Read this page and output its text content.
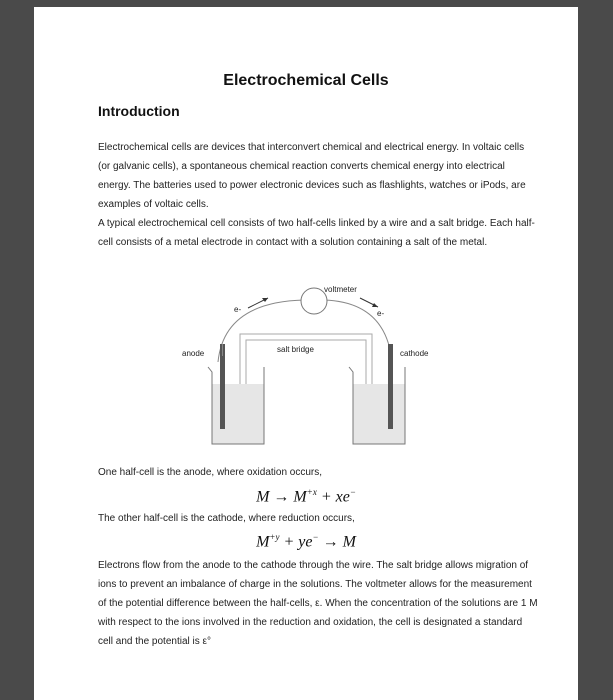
Electrochemical Cells
Introduction

Electrochemical cells are devices that interconvert chemical and electrical energy. In voltaic cells (or galvanic cells), a spontaneous chemical reaction converts chemical energy into electrical energy. The batteries used to power electronic devices such as flashlights, watches or iPods, are examples of voltaic cells.

A typical electrochemical cell consists of two half-cells linked by a wire and a salt bridge. Each half-cell consists of a metal electrode in contact with a solution containing a salt of the metal.

voltmeter
e-	e-
salt bridge
anode	cathode
One half-cell is the anode, where oxidation occurs,
$M \to M^{+x} + xe^-$
The other half-cell is the cathode, where reduction occurs,
$M^{+y} + ye^- \to M$
Electrons flow from the anode to the cathode through the wire. The salt bridge allows migration of ions to prevent an imbalance of charge in the solutions. The voltmeter allows for the measurement of the potential difference between the half-cells, ε. When the concentration of the solutions are 1 M with respect to the ions involved in the reduction and oxidation, the cell is designated a standard cell and the potential is ε°
